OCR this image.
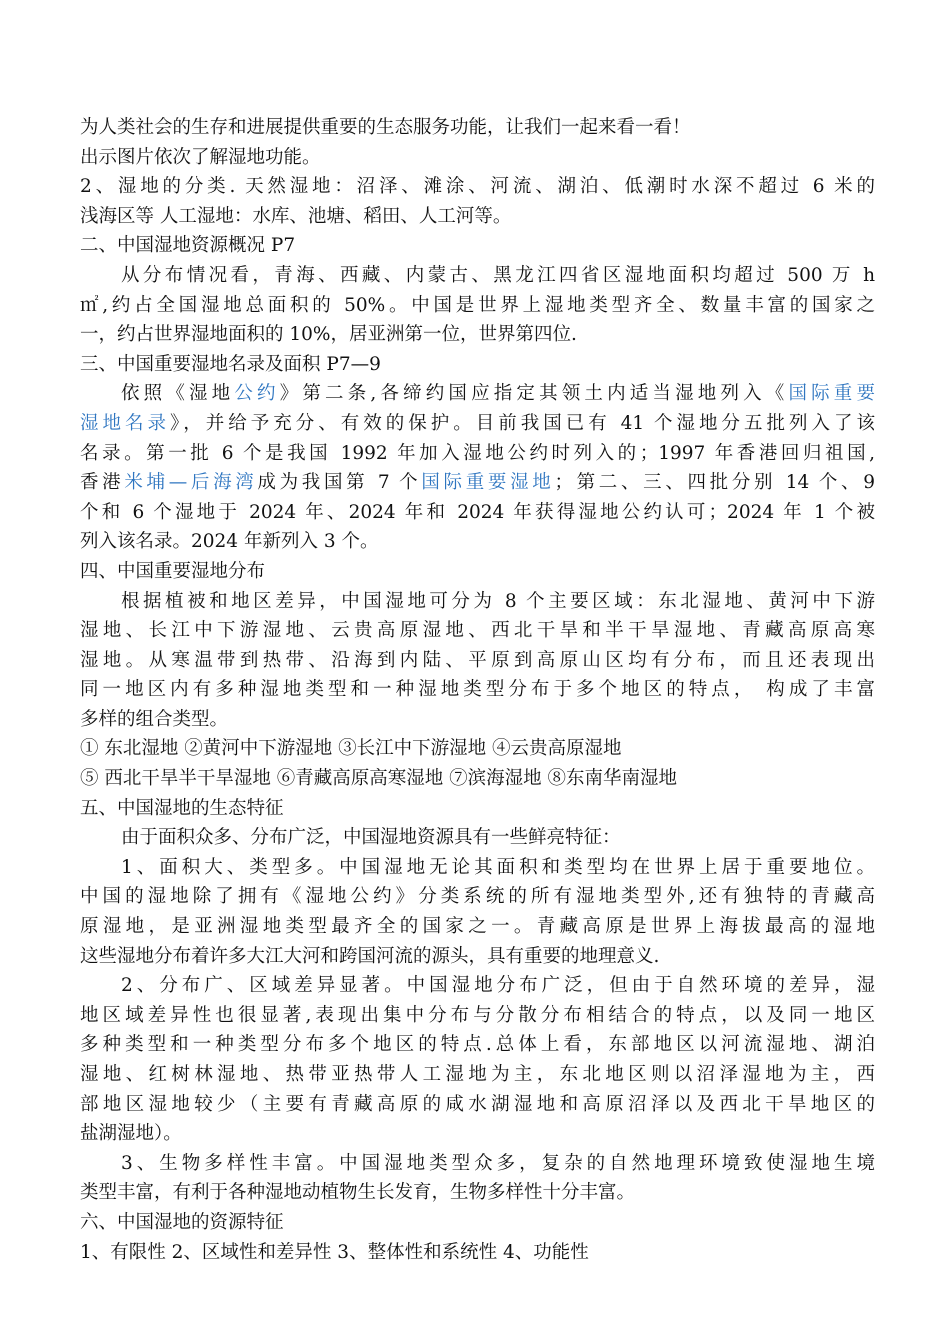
为人类社会的生存和进展提供重要的生态服务功能，让我们一起来看一看！
出示图片依次了解湿地功能。
2、湿地的分类. 天然湿地：沼泽、滩涂、河流、湖泊、低潮时水深不超过 6 米的
浅海区等 人工湿地：水库、池塘、稻田、人工河等。
二、中国湿地资源概况 P7
从分布情况看，青海、西藏、内蒙古、黑龙江四省区湿地面积均超过 500 万 h
㎡,约占全国湿地总面积的 50%。中国是世界上湿地类型齐全、数量丰富的国家之
一，约占世界湿地面积的 10%，居亚洲第一位，世界第四位.
三、中国重要湿地名录及面积 P7—9
依照《湿地公约》第二条,各缔约国应指定其领土内适当湿地列入《国际重要
湿地名录》，并给予充分、有效的保护。目前我国已有 41 个湿地分五批列入了该
名录。第一批 6 个是我国 1992 年加入湿地公约时列入的；1997 年香港回归祖国,
香港米埔—后海湾成为我国第 7 个国际重要湿地；第二、三、四批分别 14 个、9
个和 6 个湿地于 2024 年、2024 年和 2024 年获得湿地公约认可；2024 年 1 个被
列入该名录。2024 年新列入 3 个。
四、中国重要湿地分布
根据植被和地区差异，中国湿地可分为 8 个主要区域：东北湿地、黄河中下游
湿地、长江中下游湿地、云贵高原湿地、西北干旱和半干旱湿地、青藏高原高寒
湿地。从寒温带到热带、沿海到内陆、平原到高原山区均有分布，而且还表现出
同一地区内有多种湿地类型和一种湿地类型分布于多个地区的特点， 构成了丰富
多样的组合类型。
① 东北湿地 ②黄河中下游湿地 ③长江中下游湿地 ④云贵高原湿地
⑤ 西北干旱半干旱湿地 ⑥青藏高原高寒湿地 ⑦滨海湿地 ⑧东南华南湿地
五、中国湿地的生态特征
由于面积众多、分布广泛，中国湿地资源具有一些鲜亮特征：
1、面积大、类型多。中国湿地无论其面积和类型均在世界上居于重要地位。
中国的湿地除了拥有《湿地公约》分类系统的所有湿地类型外,还有独特的青藏高
原湿地，是亚洲湿地类型最齐全的国家之一。青藏高原是世界上海拔最高的湿地
这些湿地分布着许多大江大河和跨国河流的源头，具有重要的地理意义.
2、分布广、区域差异显著。中国湿地分布广泛，但由于自然环境的差异，湿
地区域差异性也很显著,表现出集中分布与分散分布相结合的特点，以及同一地区
多种类型和一种类型分布多个地区的特点.总体上看，东部地区以河流湿地、湖泊
湿地、红树林湿地、热带亚热带人工湿地为主，东北地区则以沼泽湿地为主，西
部地区湿地较少（主要有青藏高原的咸水湖湿地和高原沼泽以及西北干旱地区的
盐湖湿地）。
3、生物多样性丰富。中国湿地类型众多，复杂的自然地理环境致使湿地生境
类型丰富，有利于各种湿地动植物生长发育，生物多样性十分丰富。
六、中国湿地的资源特征
1、有限性 2、区域性和差异性 3、整体性和系统性 4、功能性
